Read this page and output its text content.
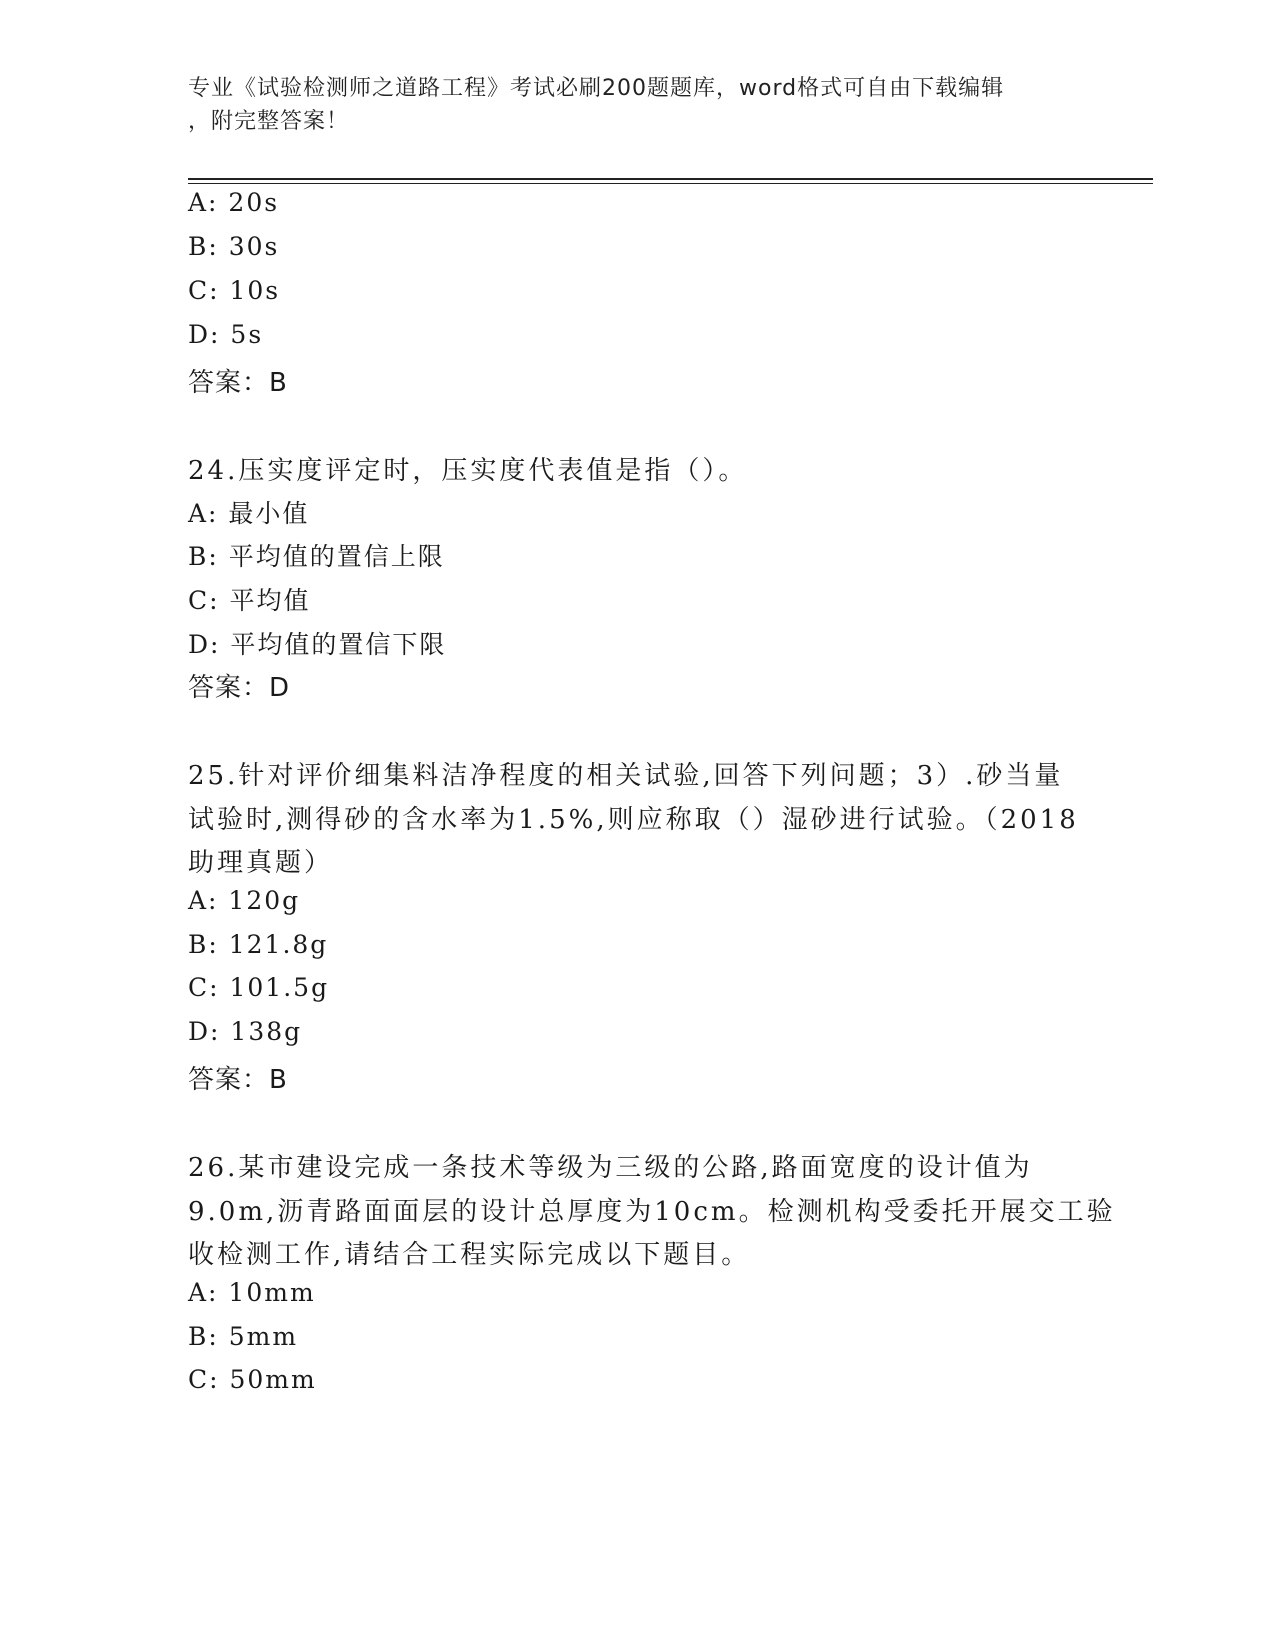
专业《试验检测师之道路工程》考试必刷200题题库，word格式可自由下载编辑
，附完整答案！
A: 20s
B: 30s
C: 10s
D: 5s
答案：B
24.压实度评定时，压实度代表值是指（）。
A: 最小值
B: 平均值的置信上限
C: 平均值
D: 平均值的置信下限
答案：D
25.针对评价细集料洁净程度的相关试验,回答下列问题；3）.砂当量
试验时,测得砂的含水率为1.5%,则应称取（）湿砂进行试验。（2018
助理真题）
A: 120g
B: 121.8g
C: 101.5g
D: 138g
答案：B
26.某市建设完成一条技术等级为三级的公路,路面宽度的设计值为
9.0m,沥青路面面层的设计总厚度为10cm。检测机构受委托开展交工验
收检测工作,请结合工程实际完成以下题目。
A: 10mm
B: 5mm
C: 50mm
